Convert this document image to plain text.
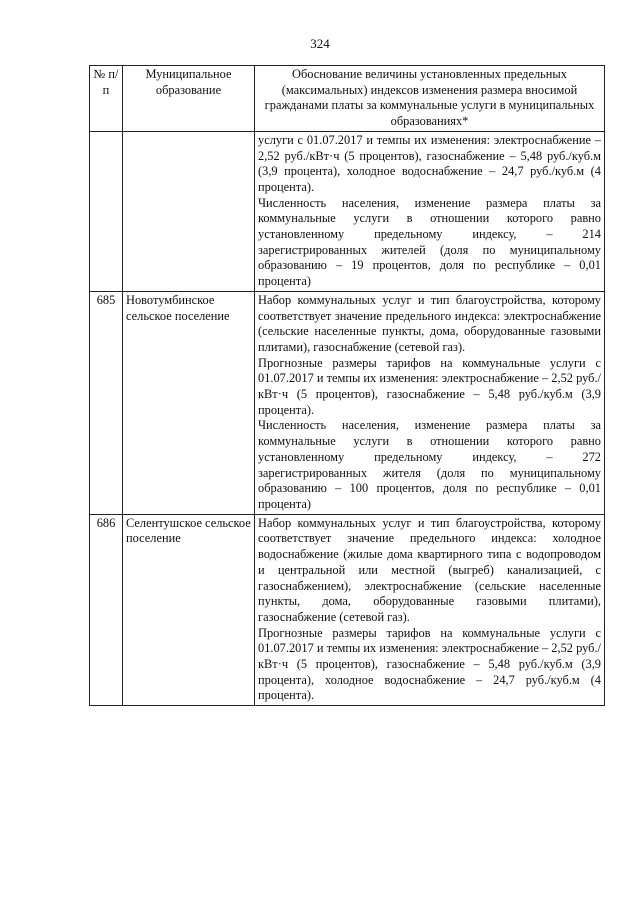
324
№ п/п	Муниципальное образование	Обоснование величины установленных предельных (максимальных) индексов изменения размера вносимой гражданами платы за коммунальные услуги в муниципальных образованиях*

		услуги с 01.07.2017 и темпы их изменения: электроснабжение – 2,52 руб./кВт·ч (5 процентов), газоснабжение – 5,48 руб./куб.м (3,9 процента), холодное водоснабжение – 24,7 руб./куб.м (4 процента).

Численность населения, изменение размера платы за коммунальные услуги в отношении которого равно установленному предельному индексу, – 214 зарегистрированных жителей (доля по муниципальному образованию – 19 процентов, доля по республике – 0,01 процента)

685	Новотумбинское сельское поселение	Набор коммунальных услуг и тип благоустройства, которому соответствует значение предельного индекса: электроснабжение (сельские населенные пункты, дома, оборудованные газовыми плитами), газоснабжение (сетевой газ).

Прогнозные размеры тарифов на коммунальные услуги с 01.07.2017 и темпы их изменения: электроснабжение – 2,52 руб./кВт·ч (5 процентов), газоснабжение – 5,48 руб./куб.м (3,9 процента).

Численность населения, изменение размера платы за коммунальные услуги в отношении которого равно установленному предельному индексу, – 272 зарегистрированных жителя (доля по муниципальному образованию – 100 процентов, доля по республике – 0,01 процента)

686	Селентушское сельское поселение	Набор коммунальных услуг и тип благоустройства, которому соответствует значение предельного индекса: холодное водоснабжение (жилые дома квартирного типа с водопроводом и центральной или местной (выгреб) канализацией, с газоснабжением), электроснабжение (сельские населенные пункты, дома, оборудованные газовыми плитами), газоснабжение (сетевой газ).

Прогнозные размеры тарифов на коммунальные услуги с 01.07.2017 и темпы их изменения: электроснабжение – 2,52 руб./кВт·ч (5 процентов), газоснабжение – 5,48 руб./куб.м (3,9 процента), холодное водоснабжение – 24,7 руб./куб.м (4 процента).
